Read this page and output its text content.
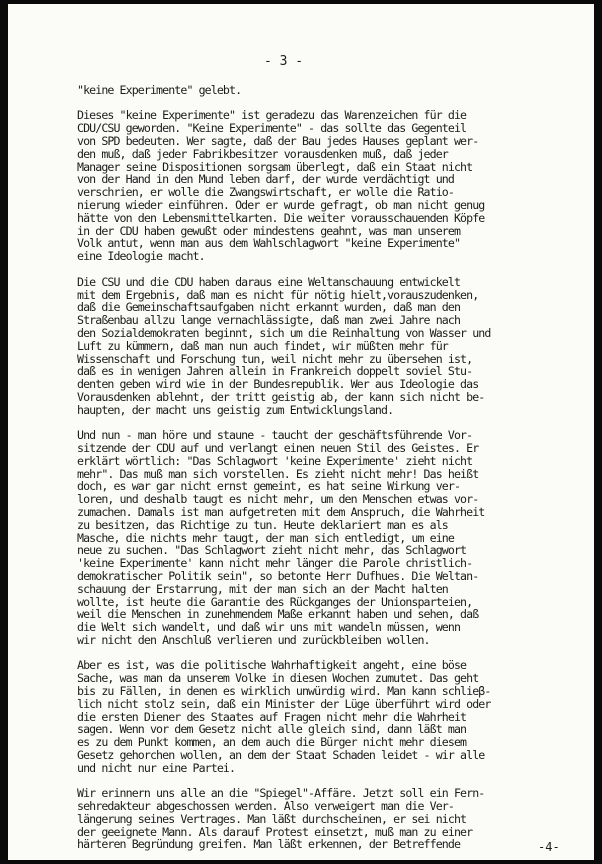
- 3 -
"keine Experimente" gelebt.
Dieses "keine Experimente" ist geradezu das Warenzeichen für die
CDU/CSU geworden. "Keine Experimente" - das sollte das Gegenteil
von SPD bedeuten. Wer sagte, daß der Bau jedes Hauses geplant wer-
den muß, daß jeder Fabrikbesitzer vorausdenken muß, daß jeder
Manager seine Dispositionen sorgsam überlegt, daß ein Staat nicht
von der Hand in den Mund leben darf, der wurde verdächtigt und
verschrien, er wolle die Zwangswirtschaft, er wolle die Ratio-
nierung wieder einführen. Oder er wurde gefragt, ob man nicht genug
hätte von den Lebensmittelkarten. Die weiter vorausschauenden Köpfe
in der CDU haben gewußt oder mindestens geahnt, was man unserem
Volk antut, wenn man aus dem Wahlschlagwort "keine Experimente"
eine Ideologie macht.
Die CSU und die CDU haben daraus eine Weltanschauung entwickelt
mit dem Ergebnis, daß man es nicht für nötig hielt,vorauszudenken,
daß die Gemeinschaftsaufgaben nicht erkannt wurden, daß man den
Straßenbau allzu lange vernachlässigte, daß man zwei Jahre nach
den Sozialdemokraten beginnt, sich um die Reinhaltung von Wasser und
Luft zu kümmern, daß man nun auch findet, wir müßten mehr für
Wissenschaft und Forschung tun, weil nicht mehr zu übersehen ist,
daß es in wenigen Jahren allein in Frankreich doppelt soviel Stu-
denten geben wird wie in der Bundesrepublik. Wer aus Ideologie das
Vorausdenken ablehnt, der tritt geistig ab, der kann sich nicht be-
haupten, der macht uns geistig zum Entwicklungsland.
Und nun - man höre und staune - taucht der geschäftsführende Vor-
sitzende der CDU auf und verlangt einen neuen Stil des Geistes. Er
erklärt wörtlich: "Das Schlagwort 'keine Experimente' zieht nicht
mehr". Das muß man sich vorstellen. Es zieht nicht mehr! Das heißt
doch, es war gar nicht ernst gemeint, es hat seine Wirkung ver-
loren, und deshalb taugt es nicht mehr, um den Menschen etwas vor-
zumachen. Damals ist man aufgetreten mit dem Anspruch, die Wahrheit
zu besitzen, das Richtige zu tun. Heute deklariert man es als
Masche, die nichts mehr taugt, der man sich entledigt, um eine
neue zu suchen. "Das Schlagwort zieht nicht mehr, das Schlagwort
'keine Experimente' kann nicht mehr länger die Parole christlich-
demokratischer Politik sein", so betonte Herr Dufhues. Die Weltan-
schauung der Erstarrung, mit der man sich an der Macht halten
wollte, ist heute die Garantie des Rückganges der Unionsparteien,
weil die Menschen in zunehmendem Maße erkannt haben und sehen, daß
die Welt sich wandelt, und daß wir uns mit wandeln müssen, wenn
wir nicht den Anschluß verlieren und zurückbleiben wollen.
Aber es ist, was die politische Wahrhaftigkeit angeht, eine böse
Sache, was man da unserem Volke in diesen Wochen zumutet. Das geht
bis zu Fällen, in denen es wirklich unwürdig wird. Man kann schlieβ-
lich nicht stolz sein, daß ein Minister der Lüge überführt wird oder
die ersten Diener des Staates auf Fragen nicht mehr die Wahrheit
sagen. Wenn vor dem Gesetz nicht alle gleich sind, dann läßt man
es zu dem Punkt kommen, an dem auch die Bürger nicht mehr diesem
Gesetz gehorchen wollen, an dem der Staat Schaden leidet - wir alle
und nicht nur eine Partei.
Wir erinnern uns alle an die "Spiegel"-Affäre. Jetzt soll ein Fern-
sehredakteur abgeschossen werden. Also verweigert man die Ver-
längerung seines Vertrages. Man läßt durchscheinen, er sei nicht
der geeignete Mann. Als darauf Protest einsetzt, muß man zu einer
härteren Begründung greifen. Man läßt erkennen, der Betreffende	-4-
